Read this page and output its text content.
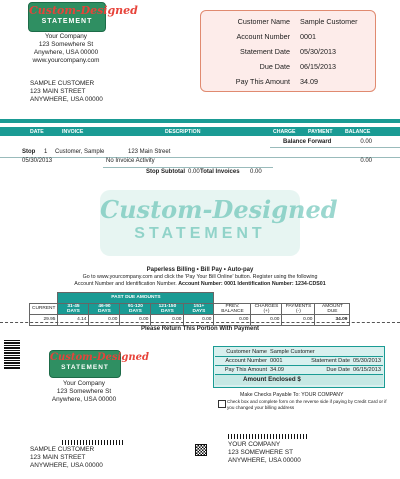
Custom-Designed
STATEMENT
Your Company
123 Somewhere St
Anywhere, USA 00000
www.yourcompany.com
SAMPLE CUSTOMER
123 MAIN STREET
ANYWHERE, USA 00000
Customer Name	Sample Customer
Account Number	0001
Statement Date	05/30/2013
Due Date	06/15/2013
Pay This Amount	34.09
DATE	INVOICE	DESCRIPTION	CHARGE PAYMENT BALANCE
Balance Forward	0.00
Stop 1 Customer, Sample	123 Main Street
05/30/2013	No Invoice Activity	0.00
Stop Subtotal 0.00 Total Invoices 0.00
Custom-Designed
STATEMENT
Paperless Billing • Bill Pay • Auto-pay
Go to www.yourcompany.com and click the 'Pay Your Bill Online' button. Register using the following
Account Number and Identification Number. Account Number: 0001 Identification Number: 1234-CDS01
	PAST DUE AMOUNTS								
CURRENT	31-45 DAYS	46-90 DAYS	91-120 DAYS	121-150 DAYS	151+ DAYS	PREV. BALANCE	CHARGES (+)	PAYMENTS (-)	AMOUNT DUE
29.95	4.14	0.00	0.00	0.00	0.00	0.00	0.00	0.00	34.09
Please Return This Portion With Payment
Custom-Designed
STATEMENT
Your Company
123 Somewhere St
Anywhere, USA 00000
Customer Name Sample Customer
Account Number 0001	Statement Date 05/30/2013
Pay This Amount 34.09	Due Date 06/15/2013
Amount Enclosed $
Make Checks Payable To: YOUR COMPANY
Check box and complete form on the reverse side if paying by Credit Card or if you changed your billing address
SAMPLE CUSTOMER
123 MAIN STREET
ANYWHERE, USA 00000
YOUR COMPANY
123 SOMEWHERE ST
ANYWHERE, USA 00000
